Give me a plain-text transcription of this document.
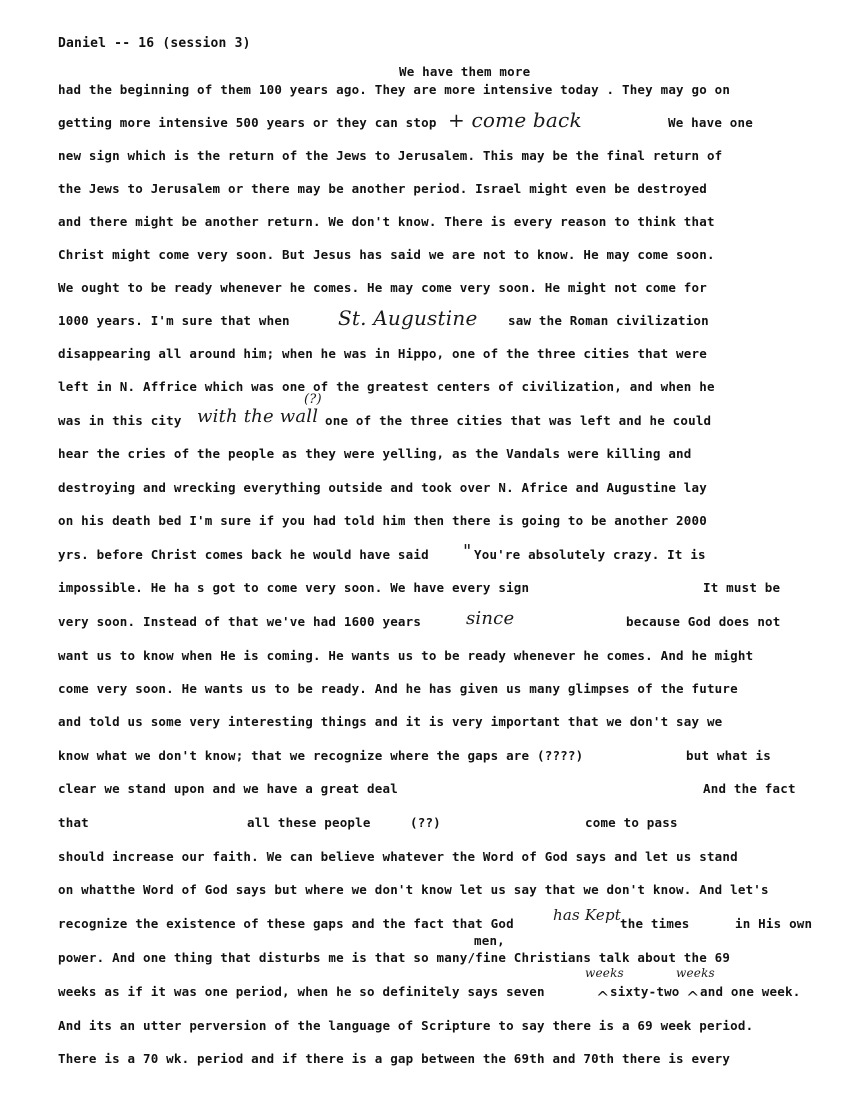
Daniel -- 16 (session 3)
We have them more
had the beginning of them 100 years ago. They are more intensive today . They may go on
getting more intensive 500 years or they can stop + come back	We have one
new sign which is the return of the Jews to Jerusalem. This may be the final return of
the Jews to Jerusalem or there may be another period. Israel might even be destroyed
and there might be another return. We don't know. There is every reason to think that
Christ might come very soon. But Jesus has said we are not to know. He may come soon.
We ought to be ready whenever he comes. He may come very soon. He might not come for
1000 years. I'm sure that when St. Augustine saw the Roman civilization
disappearing all around him; when he was in Hippo, one of the three cities that were
left in N. Affrice which was one of the greatest centers of civilization, and when he
was in this city with the wall
(?)
one of the three cities that was left and he could
hear the cries of the people as they were yelling, as the Vandals were killing and
destroying and wrecking everything outside and took over N. Africe and Augustine lay
on his death bed I'm sure if you had told him then there is going to be another 2000
yrs. before Christ comes back he would have said " You're absolutely crazy. It is
impossible. He ha s got to come very soon. We have every sign	It must be
very soon. Instead of that we've had 1600 years since	because God does not
want us to know when He is coming. He wants us to be ready whenever he comes. And he might
come very soon. He wants us to be ready. And he has given us many glimpses of the future
and told us some very interesting things and it is very important that we don't say we
know what we don't know; that we recognize where the gaps are (????)	but what is
clear we stand upon and we have a great deal	And the fact
that	all these people	(??)	come to pass
should increase our faith. We can believe whatever the Word of God says and let us stand
on whatthe Word of God says but where we don't know let us say that we don't know. And let's
recognize the existence of these gaps and the fact that God	has Kept the times	in His own
men,
power. And one thing that disturbs me is that so many/fine Christians talk about the 69
weeks as if it was one period, when he so definitely says seven
weeks
^ sixty-two
weeks
^ and one week.
And its an utter perversion of the language of Scripture to say there is a 69 week period.
There is a 70 wk. period and if there is a gap between the 69th and 70th there is every
